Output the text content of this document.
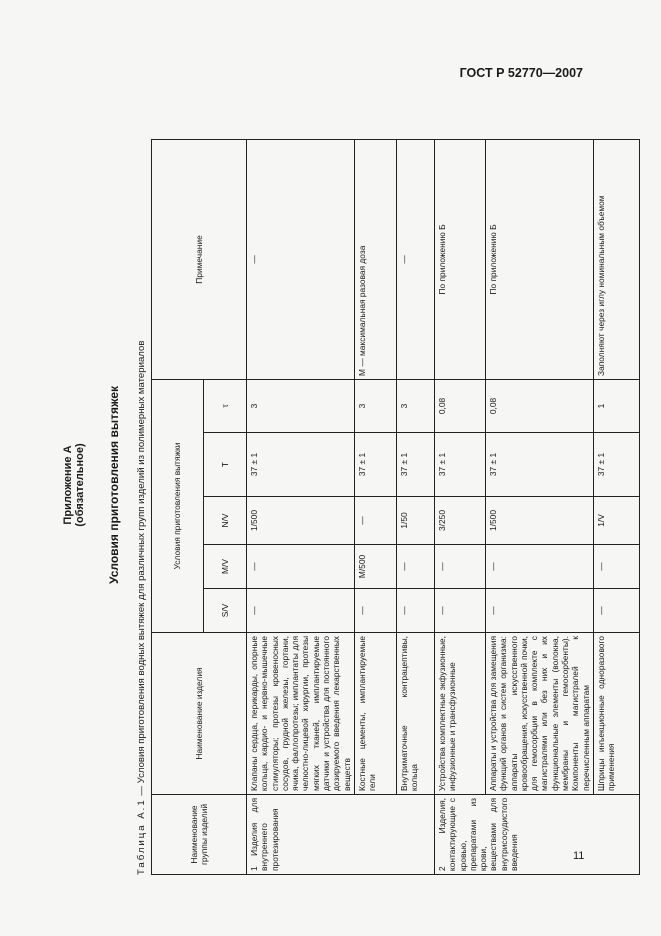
ГОСТ Р 52770—2007
Приложение А (обязательное) Условия приготовления вытяжек
Таблица А.1 — Условия приготовления водных вытяжек для различных групп изделий из полимерных материалов
Наименование группы изделий	Наименование изделия	Условия приготовления вытяжки					Примечание
		S/V	M/V	N/V	T	τ	
1 Изделия для внутреннего протезирования	Клапаны сердца, перикарды, опорные кольца, кардио- и нервно-мышечные стимуляторы; протезы кровеносных сосудов, грудной железы, гортани, ячика, фаллопротезы; имплантаты для челюстно-лицевой хирургии, протезы мягких тканей, имплантируемые датчики и устройства для постоянного дозируемого введения лекарственных веществ	—	—	1/500	37 ± 1	3	—
	Костные цементы, имплантируемые гели	—	M/500	—	37 ± 1	3	М — максимальная разовая доза
	Внутриматочные контрацептивы, кольца	—	—	1/50	37 ± 1	3	—
2 Изделия, контактирующие с кровью, препаратами из крови, веществами для внутрисосудистого введения	Устройства комплектные экфузионные, инфузионные и трансфузионные	—	—	3/250	37 ± 1	0,08	По приложению Б
	Аппараты и устройства для замещения функций органов и систем организма: аппараты искусственного кровообращения, искусственной почки, для гемосорбции в комплекте с магистралями или без них и их функциональные элементы (волокна, мембраны и гемосорбенты). Компоненты магистралей к перечисленным аппаратам	—	—	1/500	37 ± 1	0,08	По приложению Б
	Шприцы инъекционные одноразового применения	—	—	1/V	37 ± 1	1	Заполняют через иглу номинальным объемом
11
